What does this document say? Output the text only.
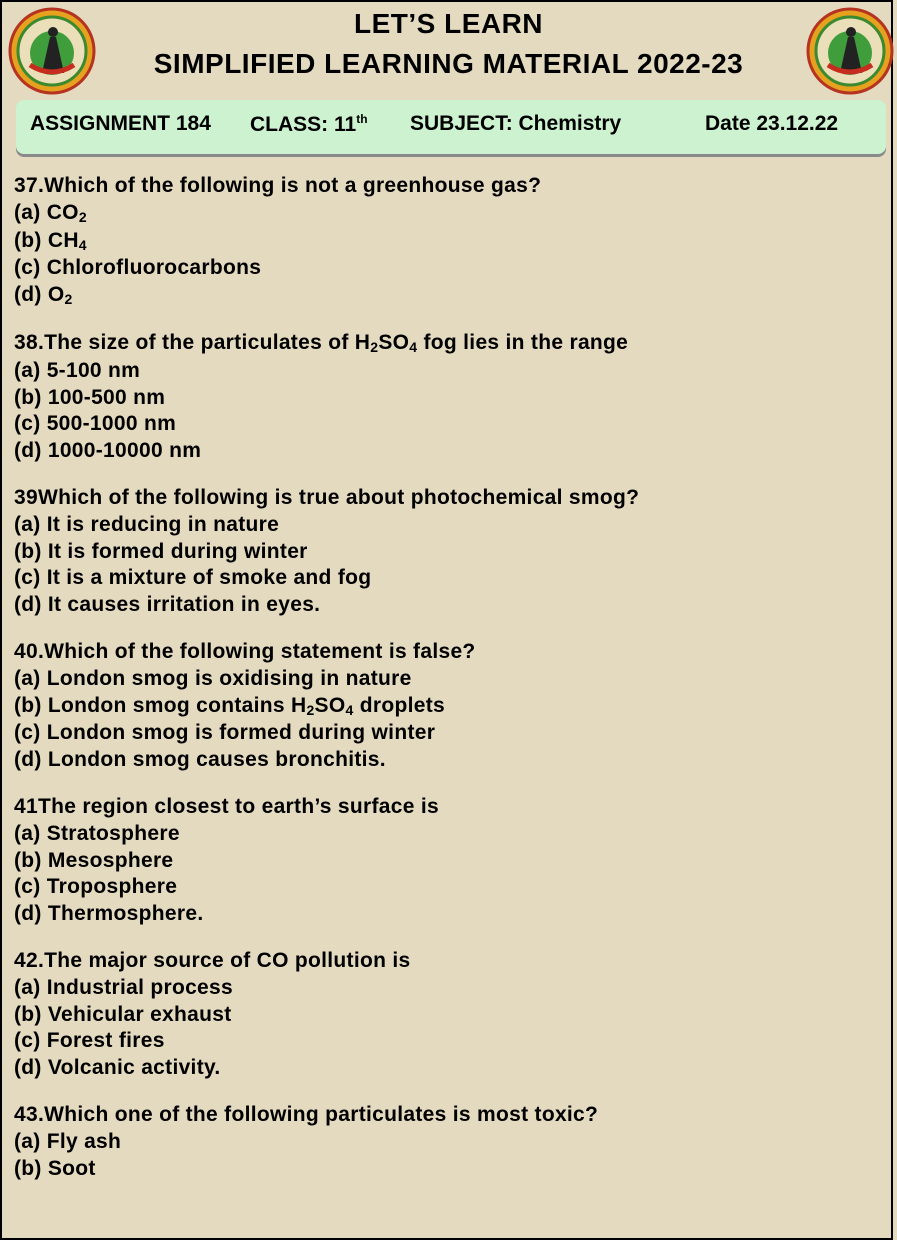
LET’S LEARN
SIMPLIFIED LEARNING MATERIAL 2022-23
ASSIGNMENT 184 CLASS: 11th SUBJECT: Chemistry	Date 23.12.22
37.Which of the following is not a greenhouse gas?
(a) CO2
(b) CH4
(c) Chlorofluorocarbons
(d) O2
38.The size of the particulates of H2SO4 fog lies in the range
(a) 5-100 nm
(b) 100-500 nm
(c) 500-1000 nm
(d) 1000-10000 nm
39Which of the following is true about photochemical smog?
(a) It is reducing in nature
(b) It is formed during winter
(c) It is a mixture of smoke and fog
(d) It causes irritation in eyes.
40.Which of the following statement is false?
(a) London smog is oxidising in nature
(b) London smog contains H2SO4 droplets
(c) London smog is formed during winter
(d) London smog causes bronchitis.
41The region closest to earth’s surface is
(a) Stratosphere
(b) Mesosphere
(c) Troposphere
(d) Thermosphere.
42.The major source of CO pollution is
(a) Industrial process
(b) Vehicular exhaust
(c) Forest fires
(d) Volcanic activity.
43.Which one of the following particulates is most toxic?
(a) Fly ash
(b) Soot
